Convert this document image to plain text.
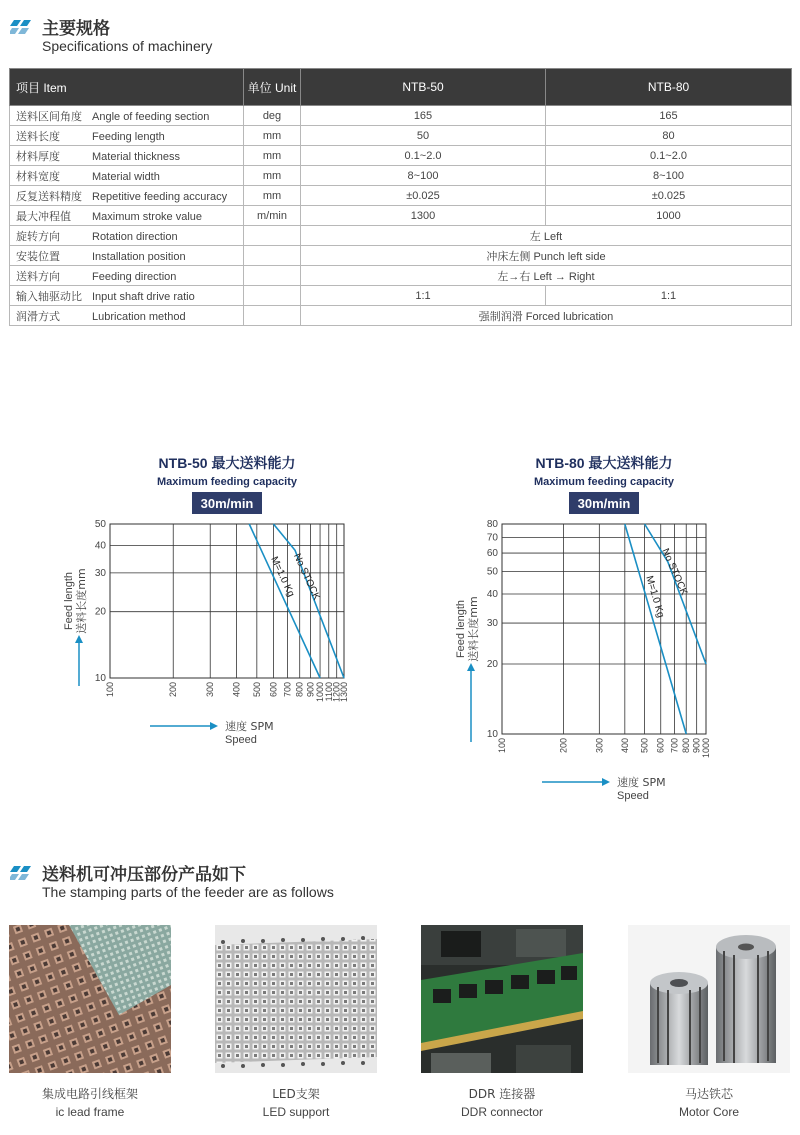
主要规格
Specifications of machinery
项目 Item	单位 Unit	NTB-50	NTB-80
送料区间角度 Angle of feeding section	deg	165	165
送料长度 Feeding length	mm	50	80
材料厚度 Material thickness	mm	0.1~2.0	0.1~2.0
材料宽度 Material width	mm	8~100	8~100
反复送料精度 Repetitive feeding accuracy	mm	±0.025	±0.025
最大冲程值 Maximum stroke value	m/min	1300	1000
旋转方向 Rotation direction		左 Left	
安装位置 Installation position		冲床左侧 Punch left side	
送料方向 Feeding direction		左→右 Left → Right	
输入轴驱动比 Input shaft drive ratio		1:1	1:1
润滑方式 Lubrication method		强制润滑 Forced lubrication	
NTB-50 最大送料能力
Maximum feeding capacity
30m/min
100	200	300 400 500 600 700 800 900 1000
1100
1200
1300
10
20
30
40
50
M=1.0 Kg
No STOCK
Feed length 送料长度mm
速度 SPM
Speed
NTB-80 最大送料能力
Maximum feeding capacity
30m/min
100	200	300 400 500 600 700 800 900 1000
10
20
30
40
50
60
70
80
M=1.0 Kg
No STOCK
Feed length 送料长度mm
速度 SPM
Speed
送料机可冲压部份产品如下
The stamping parts of the feeder are as follows
集成电路引线框架
ic lead frame
LED支架
LED support
DDR 连接器
DDR connector
马达铁芯
Motor Core
